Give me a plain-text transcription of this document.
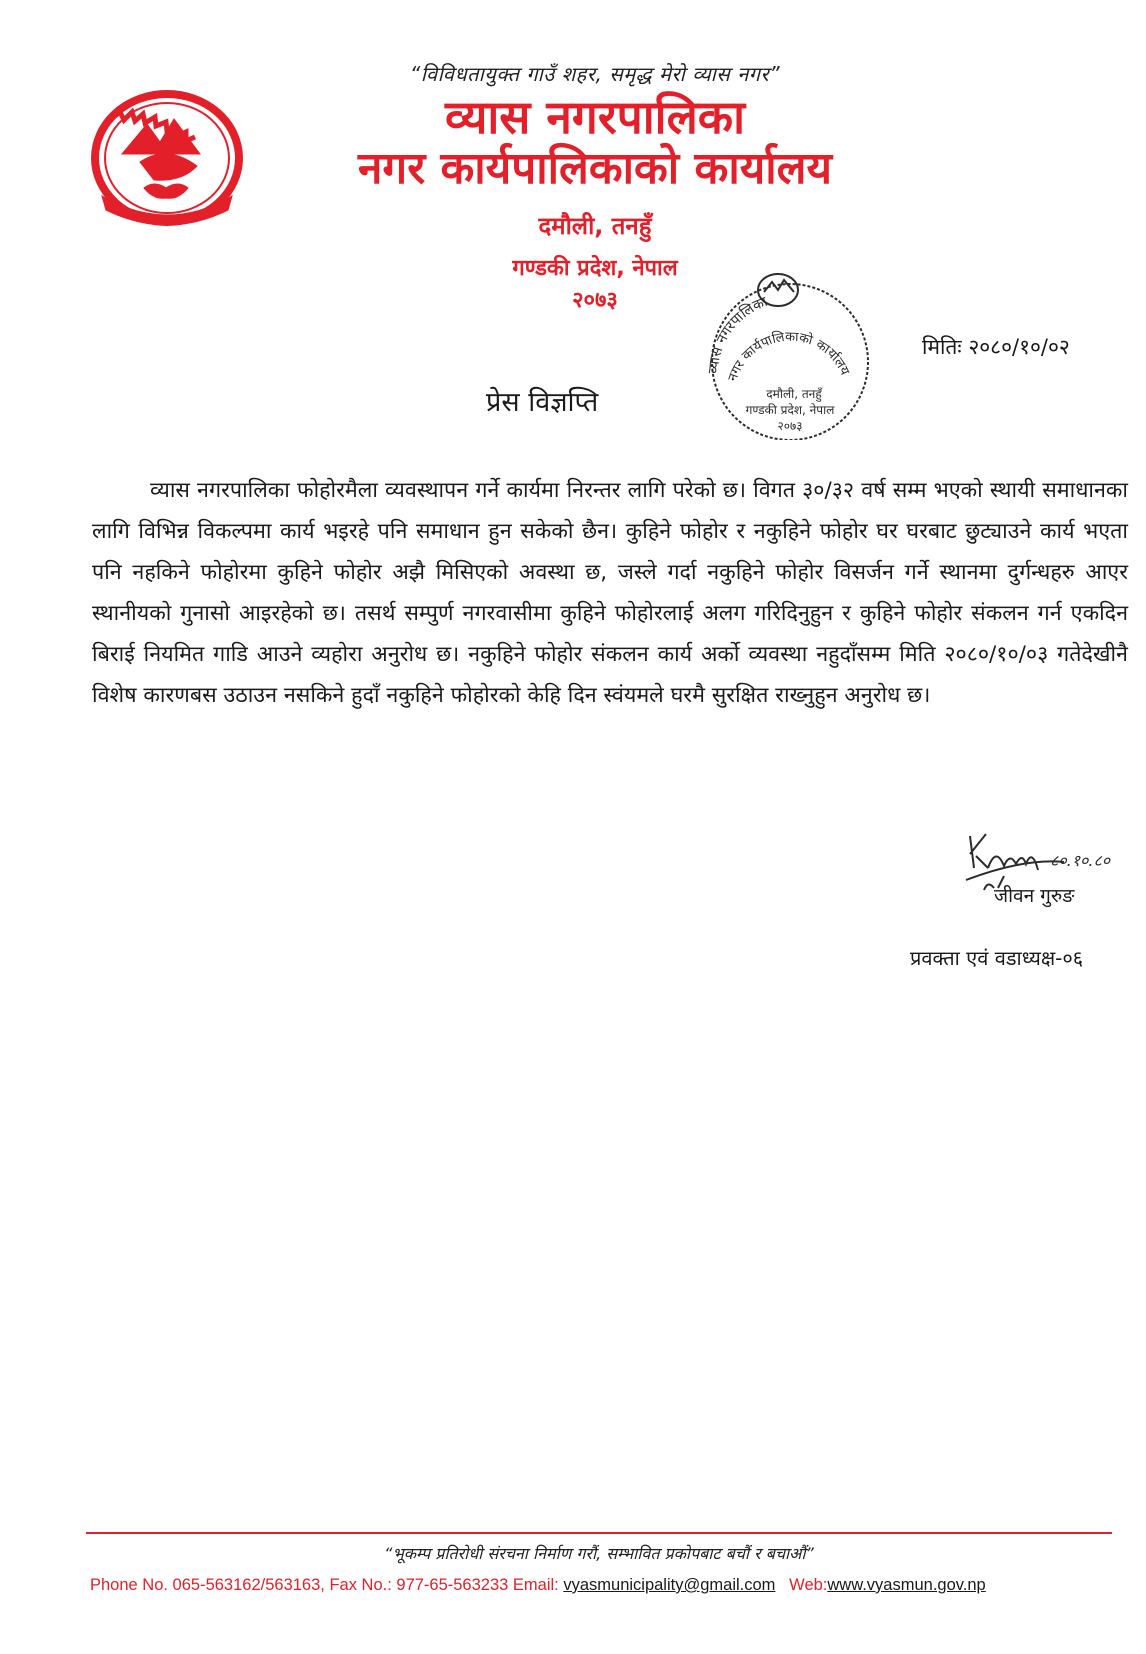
“विविधतायुक्त गाउँ शहर, समृद्ध मेरो व्यास नगर”
व्यास नगरपालिका
नगर कार्यपालिकाको कार्यालय
दमौली, तनहुँ
गण्डकी प्रदेश, नेपाल
२०७३
व्यास नगरपालिका
नगर कार्यपालिकाको कार्यालय
दमौली, तनहुँ
गण्डकी प्रदेश, नेपाल
२०७३
मितिः २०८०/१०/०२
प्रेस विज्ञप्ति
व्यास नगरपालिका फोहोरमैला व्यवस्थापन गर्ने कार्यमा निरन्तर लागि परेको छ। विगत ३०/३२ वर्ष सम्म भएको स्थायी समाधानका लागि विभिन्न विकल्पमा कार्य भइरहे पनि समाधान हुन सकेको छैन। कुहिने फोहोर र नकुहिने फोहोर घर घरबाट छुट्याउने कार्य भएता पनि नहकिने फोहोरमा कुहिने फोहोर अझै मिसिएको अवस्था छ, जस्ले गर्दा नकुहिने फोहोर विसर्जन गर्ने स्थानमा दुर्गन्धहरु आएर स्थानीयको गुनासो आइरहेको छ। तसर्थ सम्पुर्ण नगरवासीमा कुहिने फोहोरलाई अलग गरिदिनुहुन र कुहिने फोहोर संकलन गर्न एकदिन बिराई नियमित गाडि आउने व्यहोरा अनुरोध छ। नकुहिने फोहोर संकलन कार्य अर्को व्यवस्था नहुदाँसम्म मिति २०८०/१०/०३ गतेदेखीनै विशेष कारणबस उठाउन नसकिने हुदाँ नकुहिने फोहोरको केहि दिन स्वंयमले घरमै सुरक्षित राख्नुहुन अनुरोध छ।
८०.१०.८०
जीवन गुरुङ
प्रवक्ता एवं वडाध्यक्ष-०६
“भूकम्प प्रतिरोधी संरचना निर्माण गरौं, सम्भावित प्रकोपबाट बचौं र बचाऔं”
Phone No. 065-563162/563163, Fax No.: 977-65-563233 Email: vyasmunicipality@gmail.com Web:www.vyasmun.gov.np
